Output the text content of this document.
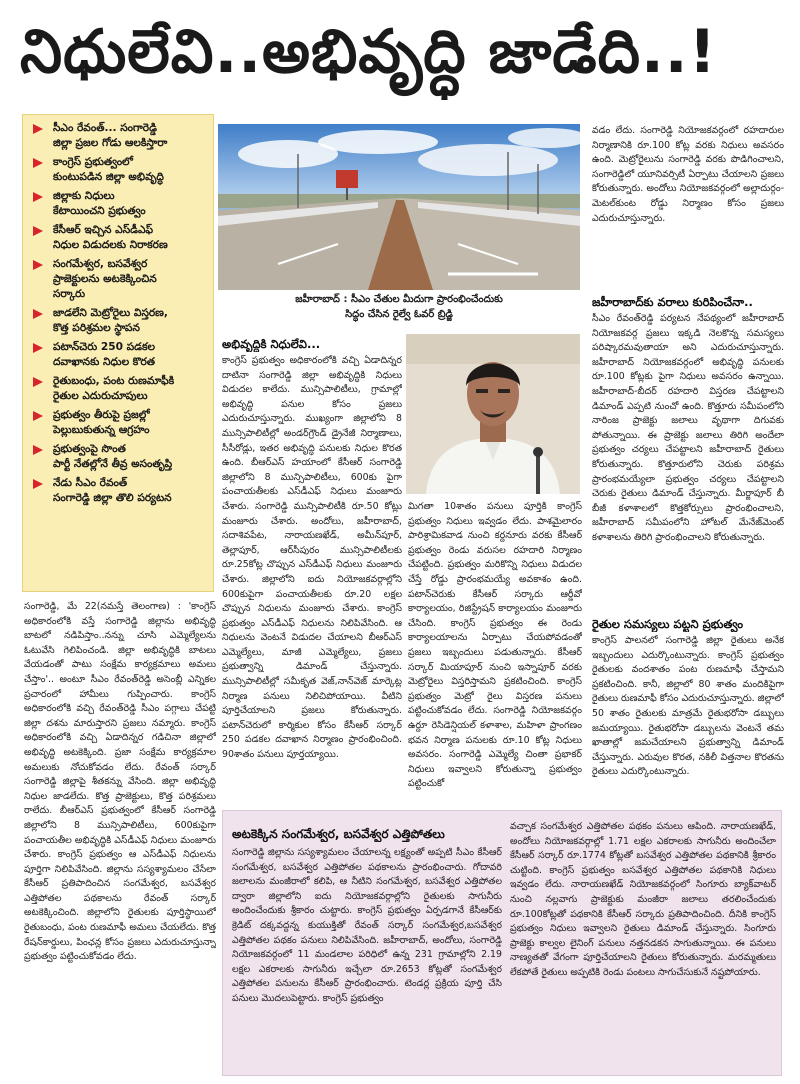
నిధులేవి..అభివృద్ధి జాడేది..!
సీఎం రేవంత్‌... సంగారెడ్డి
జిల్లా ప్రజల గోడు ఆలకిస్తారా
కాంగ్రెస్‌ ప్రభుత్వంలో
కుంటుపడిన జిల్లా అభివృద్ధి
జిల్లాకు నిధులు
కేటాయించని ప్రభుత్వం
కేసీఆర్‌ ఇచ్చిన ఎస్‌డీఎఫ్‌
నిధుల విడుదలకు నిరాకరణ
సంగమేశ్వర, బసవేశ్వర
ప్రాజెక్టులను అటకెక్కించిన
సర్కారు
జాడలేని మెట్రోరైలు విస్తరణ,
కొత్త పరిశ్రమల స్థాపన
పటాన్‌చెరు 250 పడకల
దవాఖానకు నిధుల కొరత
రైతుబంధు, పంట రుణమాఫీకి
రైతుల ఎదురుచూపులు
ప్రభుత్వం తీరుపై ప్రజల్లో
పెల్లుబుకుతున్న ఆగ్రహం
ప్రభుత్వంపై సొంత
పార్టీ నేతల్లోనే తీవ్ర అసంతృప్తి
నేడు సీఎం రేవంత్‌
సంగారెడ్డి జిల్లా తొలి పర్యటన
జహీరాబాద్‌ : సీఎం చేతుల మీదుగా ప్రారంభించేందుకు
సిద్ధం చేసిన రైల్వే ఓవర్‌ బ్రిడ్జి
సంగారెడ్డి, మే 22(నమస్తే తెలంగాణ) : 'కాంగ్రెస్‌ అధికారంలోకి వస్తే సంగారెడ్డి జిల్లాను అభివృద్ధి బాటలో నడిపిస్తాం..నన్ను చూసి ఎమ్మెల్యేలను ఓటువేసి గెలిపించండి. జిల్లా అభివృద్ధికి బాటలు వేయడంతో పాటు సంక్షేమ కార్యక్రమాలు అమలు చేస్తాం'.. అంటూ సీఎం రేవంత్‌రెడ్డి అసెంబ్లీ ఎన్నికల ప్రచారంలో హామీలు గుప్పించారు. కాంగ్రెస్‌ అధికారంలోకి వచ్చి రేవంత్‌రెడ్డి సీఎం పగ్గాలు చేపట్టి జిల్లా దశను మారుస్తారని ప్రజలు నమ్మారు. కాంగ్రెస్‌ అధికారంలోకి వచ్చి ఏడాదిన్నర గడిచినా జిల్లాలో అభివృద్ధి అటకెక్కింది. ప్రజా సంక్షేమ కార్యక్రమాల అమలుకు నోచుకోవడం లేదు. రేవంత్‌ సర్కార్‌ సంగారెడ్డి జిల్లాపై శీతకన్ను వేసింది. జిల్లా అభివృద్ధి నిధుల జాడలేదు. కొత్త ప్రాజెక్టులు, కొత్త పరిశ్రమలు రాలేదు. బీఆర్‌ఎస్‌ ప్రభుత్వంలో కేసీఆర్‌ సంగారెడ్డి జిల్లాలోని 8 మున్సిపాలిటీలు, 600కుపైగా పంచాయతీల అభివృద్ధికి ఎస్‌డీఎఫ్‌ నిధులు మంజూరు చేశారు. కాంగ్రెస్‌ ప్రభుత్వం ఆ ఎస్‌డీఎఫ్‌ నిధులను పూర్తిగా నిలిపివేసింది. జిల్లాను సస్యశ్యామలం చేసేలా కేసీఆర్‌ ప్రతిపాదించిన సంగమేశ్వర, బసవేశ్వర ఎత్తిపోతల పథకాలను రేవంత్‌ సర్కార్‌ అటకెక్కించింది. జిల్లాలోని రైతులకు పూర్తిస్థాయిలో రైతుబంధు, పంట రుణమాఫీ అమలు చేయలేదు. కొత్త రేషన్‌కార్డులు, పింఛన్ల కోసం ప్రజలు ఎదురుచూస్తున్నా ప్రభుత్వం పట్టించుకోవడం లేదు.
అభివృద్ధికి నిధులేవి...
కాంగ్రెస్‌ ప్రభుత్వం అధికారంలోకి వచ్చి ఏడాదిన్నర దాటినా సంగారెడ్డి జిల్లా అభివృద్ధికి నిధులు విడుదల కాలేదు. మున్సిపాలిటీలు, గ్రామాల్లో అభివృద్ధి పనుల కోసం ప్రజలు ఎదురుచూస్తున్నారు. ముఖ్యంగా జిల్లాలోని 8 మున్సిపాలిటీల్లో అండర్‌గ్రౌండ్‌ డ్రైనేజీ నిర్మాణాలు, సీసీరోడ్లు, ఇతర అభివృద్ధి పనులకు నిధుల కొరత ఉంది. బీఆర్‌ఎస్‌ హయాంలో కేసీఆర్‌ సంగారెడ్డి జిల్లాలోని 8 మున్సిపాలిటీలు, 600కు పైగా పంచాయతీలకు ఎస్‌డీఎఫ్‌ నిధులు మంజూరు చేశారు. సంగారెడ్డి మున్సిపాలిటీకి రూ.50 కోట్లు మంజూరు చేశారు. అందోలు, జహీరాబాద్‌, సదాశివపేట, నారాయణఖేడ్‌, అమీన్‌పూర్‌, తెల్లాపూర్‌, ఆర్‌సీపురం మున్సిపాలిటీలకు రూ.25కోట్ల చొప్పున ఎస్‌డీఎఫ్‌ నిధులు మంజూరు చేశారు. జిల్లాలోని ఐదు నియోజకవర్గాల్లోని 600కుపైగా పంచాయతీలకు రూ.20 లక్షల చొప్పున నిధులను మంజూరు చేశారు. కాంగ్రెస్‌ ప్రభుత్వం ఎస్‌డీఎఫ్‌ నిధులను నిలిపివేసింది. ఆ నిధులను వెంటనే విడుదల చేయాలని బీఆర్‌ఎస్‌ ఎమ్మెల్యేలు, మాజీ ఎమ్మెల్యేలు, ప్రజలు ప్రభుత్వాన్ని డిమాండ్‌ చేస్తున్నారు. మున్సిపాలిటీల్లో సమీకృత వెజ్‌,నాన్‌వెజ్‌ మార్కెట్ల నిర్మాణ పనులు నిలిచిపోయాయి. వీటిని పూర్తిచేయాలని ప్రజలు కోరుతున్నారు. పటాన్‌చెరులో కార్మికుల కోసం కేసీఆర్‌ సర్కార్‌ 250 పడకల దవాఖాన నిర్మాణం ప్రారంభించింది. 90శాతం పనులు పూర్తయ్యాయి.
మిగతా 10శాతం పనులు పూర్తికి కాంగ్రెస్‌ ప్రభుత్వం నిధులు ఇవ్వడం లేదు. పాశమైలారం పారిశ్రామికవాడ నుంచి కర్దనూరు వరకు కేసీఆర్‌ ప్రభుత్వం రెండు వరుసల రహదారి నిర్మాణం చేపట్టింది. ప్రభుత్వం మరికొన్ని నిధులు విడుదల చేస్తే రోడ్డు ప్రారంభమయ్యే అవకాశం ఉంది. పటాన్‌చెరుకు కేసీఆర్‌ సర్కారు ఆర్డీవో కార్యాలయం, రిజిస్ట్రేషన్‌ కార్యాలయం మంజూరు చేసింది. కాంగ్రెస్‌ ప్రభుత్వం ఈ రెండు కార్యాలయాలను ఏర్పాటు చేయపోవడంతో ప్రజలు ఇబ్బందులు పడుతున్నారు. కేసీఆర్‌ సర్కార్‌ మియాపూర్‌ నుంచి ఇస్నాపూర్‌ వరకు మెట్రోరైలు విస్తరిస్తామని ప్రకటించింది. కాంగ్రెస్‌ ప్రభుత్వం మెట్రో రైలు విస్తరణ పనులు పట్టించుకోవడం లేదు. సంగారెడ్డి నియోజకవర్గం ఉర్దూ రెసిడెన్షియల్‌ కళాశాల, మహిళా ప్రాంగణం భవన నిర్మాణ పనులకు రూ.10 కోట్ల నిధులు అవసరం. సంగారెడ్డి ఎమ్మెల్యే చింతా ప్రభాకర్‌ నిధులు ఇవ్వాలని కోరుతున్నా ప్రభుత్వం పట్టించుకో
వడం లేదు. సంగారెడ్డి నియోజకవర్గంలో రహదారుల నిర్మాణానికి రూ.100 కోట్ల వరకు నిధులు అవసరం ఉంది. మెట్రోరైలును సంగారెడ్డి వరకు పొడిగించాలని, సంగారెడ్డిలో యూనివర్సిటీ ఏర్పాటు చేయాలని ప్రజలు కోరుతున్నారు. అందోలు నియోజకవర్గంలో అల్లాదుర్గం-మెటల్‌కుంట రోడ్డు నిర్మాణం కోసం ప్రజలు ఎదురుచూస్తున్నారు.
జహీరాబాద్‌కు వరాలు కురిపించేనా..
సీఎం రేవంత్‌రెడ్డి పర్యటన నేపథ్యంలో జహీరాబాద్‌ నియోజకవర్గ ప్రజలు ఇక్కడి నెలకొన్న సమస్యలు పరిష్కారమవుతాయా అని ఎదురుచూస్తున్నారు. జహీరాబాద్‌ నియోజకవర్గంలో అభివృద్ధి పనులకు రూ.100 కోట్లకు పైగా నిధులు అవసరం ఉన్నాయి. జహీరాబాద్‌-బీదర్‌ రహదారి విస్తరణ చేపట్టాలని డిమాండ్‌ ఎప్పటి నుంచో ఉంది. కొత్తూరు సమీపంలోని నారింజ ప్రాజెక్టు జలాలు వృథాగా దిగువకు పోతున్నాయి. ఈ ప్రాజెక్టు జలాలు తిరిగి అందేలా ప్రభుత్వం చర్యలు చేపట్టాలని జహీరాబాద్‌ రైతులు కోరుతున్నారు. కొత్తూరులోని చెరుకు పరిశ్రమ ప్రారంభమయ్యేలా ప్రభుత్వం చర్యలు చేపట్టాలని చెరుకు రైతులు డిమాండ్‌ చేస్తున్నారు. మీర్జాపూర్‌ బీ బీజీ కళాశాలలో కొత్తకోర్సులు ప్రారంభించాలని, జహీరాబాద్‌ సమీపంలోని హోటల్‌ మేనేజ్‌మెంట్‌ కళాశాలను తిరిగి ప్రారంభించాలని కోరుతున్నారు.
రైతుల సమస్యలు పట్టని ప్రభుత్వం
కాంగ్రెస్‌ పాలనలో సంగారెడ్డి జిల్లా రైతులు అనేక ఇబ్బందులు ఎదుర్కొంటున్నారు. కాంగ్రెస్‌ ప్రభుత్వం రైతులకు వందశాతం పంట రుణమాఫీ చేస్తామని ప్రకటించింది. కానీ, జిల్లాలో 80 శాతం మందికిపైగా రైతులు రుణమాఫీ కోసం ఎదురుచూస్తున్నారు. జిల్లాలో 50 శాతం రైతులకు మాత్రమే రైతుభరోసా డబ్బులు జమయ్యాయి. రైతుభరోసా డబ్బులను వెంటనే తమ ఖాతాల్లో జమచేయాలని ప్రభుత్వాన్ని డిమాండ్‌ చేస్తున్నారు. ఎరువుల కొరత, నకిలీ విత్తనాల కొరతను రైతులు ఎదుర్కొంటున్నారు.
అటకెక్కిన సంగమేశ్వర, బసవేశ్వర ఎత్తిపోతలు
సంగారెడ్డి జిల్లాను సస్యశ్యామలం చేయాలన్న లక్ష్యంతో అప్పటి సీఎం కేసీఆర్‌ సంగమేశ్వర, బసవేశ్వర ఎత్తిపోతల పథకాలను ప్రారంభించారు. గోదావరి జలాలను మంజీరాలో కలిపి, ఆ నీటిని సంగమేశ్వర, బసవేశ్వర ఎత్తిపోతల ద్వారా జిల్లాలోని ఐదు నియోజకవర్గాల్లోని రైతులకు సాగునీరు అందించేందుకు శ్రీకారం చుట్టారు. కాంగ్రెస్‌ ప్రభుత్వం ఏర్పడగానే కేసీఆర్‌కు క్రెడిట్‌ దక్కవద్దన్న కుయుక్తితో రేవంత్‌ సర్కార్‌ సంగమేశ్వర,బసవేశ్వర ఎత్తిపోతల పథకం పనులు నిలిపివేసింది. జహీరాబాద్‌, అందోలు, సంగారెడ్డి నియోజకవర్గంలో 11 మండలాల పరిధిలో ఉన్న 231 గ్రామాల్లోని 2.19 లక్షల ఎకరాలకు సాగునీరు ఇచ్చేలా రూ.2653 కోట్లతో సంగమేశ్వర ఎత్తిపోతల పనులను కేసీఆర్‌ ప్రారంభించారు. టెండర్ల ప్రక్రియ పూర్తి చేసి పనులు మొదలుపెట్టారు. కాంగ్రెస్‌ ప్రభుత్వం
వచ్చాక సంగమేశ్వర ఎత్తిపోతల పథకం పనులు ఆపింది. నారాయణఖేడ్‌, అందోలు నియోజకవర్గాల్లో 1.71 లక్షల ఎకరాలకు సాగునీరు అందించేలా కేసీఆర్‌ సర్కార్‌ రూ.1774 కోట్లతో బసవేశ్వర ఎత్తిపోతల పథకానికి శ్రీకారం చుట్టింది. కాంగ్రెస్‌ ప్రభుత్వం బసవేశ్వర ఎత్తిపోతల పథకానికి నిధులు ఇవ్వడం లేదు. నారాయణఖేడ్‌ నియోజకవర్గంలో సింగూరు బ్యాక్‌వాటర్‌ నుంచి నల్లవాగు ప్రాజెక్టుకు మంజీరా జలాలు తరలించేందుకు రూ.100కోట్లతో పథకానికి కేసీఆర్‌ సర్కారు ప్రతిపాదించింది. దీనికి కాంగ్రెస్‌ ప్రభుత్వం నిధులు ఇవ్వాలని రైతులు డిమాండ్‌ చేస్తున్నారు. సింగూరు ప్రాజెక్టు కాల్వల లైనింగ్‌ పనులు నత్తనడకన సాగుతున్నాయి. ఈ పనులు నాణ్యతతో వేగంగా పూర్తిచేయాలని రైతులు కోరుతున్నారు. మరమ్మతులు లేకపోతే రైతులు అప్పటికి రెండు పంటలు సాగుచేసుకునే నష్టపోయారు.
